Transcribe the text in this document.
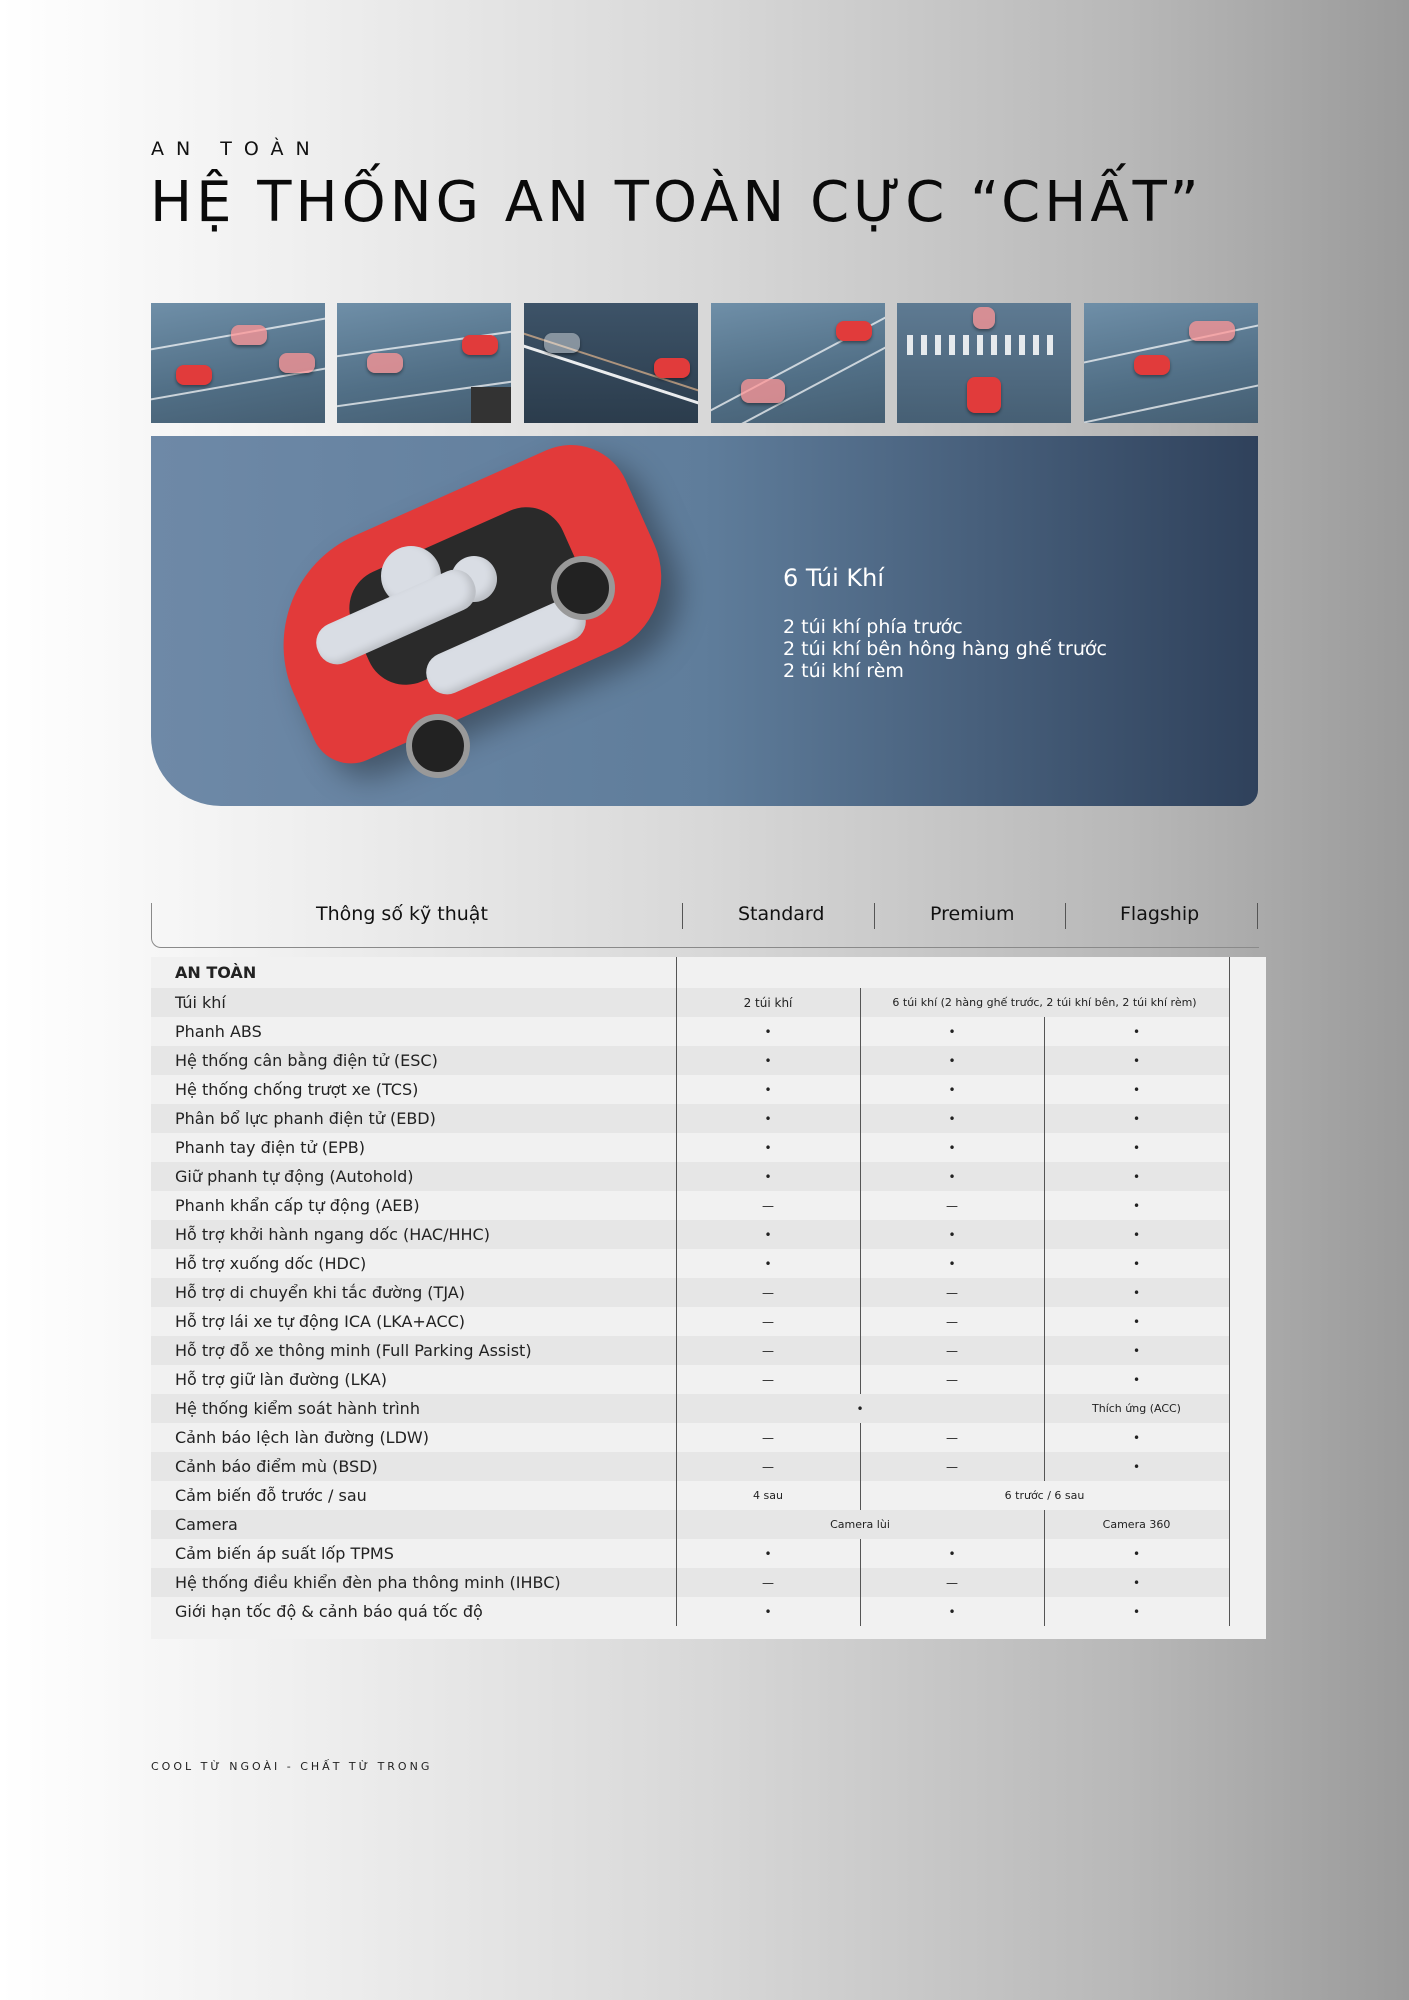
AN TOÀN
HỆ THỐNG AN TOÀN CỰC “CHẤT”
6 Túi Khí
2 túi khí phía trước
2 túi khí bên hông hàng ghế trước
2 túi khí rèm
Thông số kỹ thuật	Standard	Premium	Flagship
AN TOÀN			
Túi khí	2 túi khí	6 túi khí (2 hàng ghế trước, 2 túi khí bên, 2 túi khí rèm)	
Phanh ABS	•	•	•
Hệ thống cân bằng điện tử (ESC)	•	•	•
Hệ thống chống trượt xe (TCS)	•	•	•
Phân bổ lực phanh điện tử (EBD)	•	•	•
Phanh tay điện tử (EPB)	•	•	•
Giữ phanh tự động (Autohold)	•	•	•
Phanh khẩn cấp tự động (AEB)	—	—	•
Hỗ trợ khởi hành ngang dốc (HAC/HHC)	•	•	•
Hỗ trợ xuống dốc (HDC)	•	•	•
Hỗ trợ di chuyển khi tắc đường (TJA)	—	—	•
Hỗ trợ lái xe tự động ICA (LKA+ACC)	—	—	•
Hỗ trợ đỗ xe thông minh (Full Parking Assist)	—	—	•
Hỗ trợ giữ làn đường (LKA)	—	—	•
Hệ thống kiểm soát hành trình	•		Thích ứng (ACC)
Cảnh báo lệch làn đường (LDW)	—	—	•
Cảnh báo điểm mù (BSD)	—	—	•
Cảm biến đỗ trước / sau	4 sau	6 trước / 6 sau	
Camera	Camera lùi		Camera 360
Cảm biến áp suất lốp TPMS	•	•	•
Hệ thống điều khiển đèn pha thông minh (IHBC)	—	—	•
Giới hạn tốc độ & cảnh báo quá tốc độ	•	•	•
COOL TỪ NGOÀI - CHẤT TỪ TRONG
